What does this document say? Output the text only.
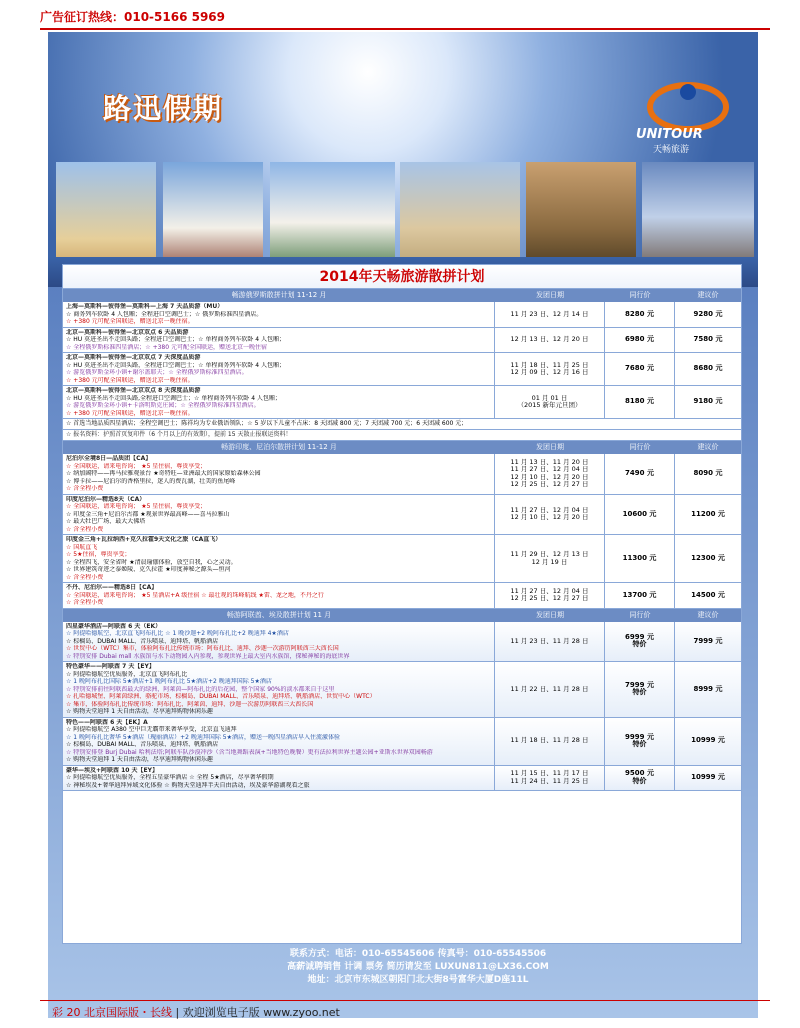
广告征订热线：010-5166 5969
路迅假期
UNITOUR
天畅旅游
2014年天畅旅游散拼计划
畅游俄罗斯散拼计划 11-12 月	发团日期	同行价	建议价
上海—莫斯科—彼得堡—莫斯科—上海 7 天品质游（MU）
☆ 商务列车软卧 4 人包厢；全程进口空调巴士；☆ 俄罗斯标准四星酒店。
☆ +380 元可配全国联运，赠送北京一晚住宿。
11 月 23 日、12 月 14 日	8280 元	9280 元
北京—莫斯科—彼得堡—北京双点 6 天品质游
☆ HU 莫进圣出不走回头路；全程进口空调巴士；☆ 单程商务列车软卧 4 人包厢；
☆ 全程俄罗斯标准四星酒店；☆ +380 元可配全国联运，赠送北京一晚住宿
12 月 13 日、12 月 20 日	6980 元	7580 元
北京—莫斯科—彼得堡—北京双点 7 天深度品质游
☆ HU 莫进圣出不走回头路，全程进口空调巴士；☆ 单程商务列车软卧 4 人包厢；
☆ 游览俄罗斯金环小镇+谢尔盖耶夫；☆ 全程俄罗斯标准四星酒店。
☆ +380 元可配全国联运，赠送北京一晚住宿。
11 月 18 日、11 月 25 日
12 月 09 日、12 月 16 日	7680 元	8680 元
北京—莫斯科—彼得堡—北京双点 8 天深度品质游
☆ HU 莫进圣出不走回头路,全程进口空调巴士；☆ 单程商务列车软卧 4 人包厢；
☆ 游览俄罗斯金环小镇+卡洛明斯克庄园；☆ 全程俄罗斯标准四星酒店。
☆ +380 元可配全国联运，赠送北京一晚住宿。
01 月 01 日
（2015 新年元旦团）	8180 元	9180 元
☆ 首选当地品质四星酒店；全程空调巴士；陈祥均为专业俄语领队；☆ 5 岁以下儿童不占床：8 天团减 800 元；7 天团减 700 元；6 天团减 600 元；
☆ 报名资料：护照首页复印件（6 个月以上的有效期），提前 15 天散止报联运资料！
畅游印度、尼泊尔散拼计划 11-12 月	发团日期	同行价	建议价
尼泊尔全境8日—品质团【CA】
☆ 全国联运，请来电咨询； ★5 星住宿，尊贵享受；
☆ 纳加阔特——再马拉雅观景台 ★奇特旺—亚洲最大的国家原始森林公园
☆ 博卡拉——尼泊尔的香格里拉，迷人的费瓦湖，壮美的鱼尾峰
☆ 含全程小费
11 月 13 日、11 月 20 日
11 月 27 日、12 月 04 日
12 月 10 日、12 月 20 日
12 月 25 日、12 月 27 日
7490 元	8090 元
印度尼泊尔—精选8天（CA）
☆ 全国联运，请来电咨询； ★5 星住宿，尊贵享受；
☆ 印度金三角+尼泊尔古都 ★观景世界最高峰——喜马拉雅山
☆ 最大牡巴广场、最大大佛塔
☆ 含全程小费
11 月 27 日、12 月 04 日
12 月 10 日、12 月 20 日	10600 元	11200 元
印度金三角+瓦拉纳西+克久拉霍9天文化之旅（CA直飞）
☆ 国航直飞
☆ 5★住宿，尊贵享受；
☆ 全程四飞，安全省时 ★清晨瑜伽体验，放空自我，心之灵动。
☆ 世界建筑奇迹之泰姬陵、克久拉霍 ★印度神秘之源头—恒河
☆ 含全程小费
11 月 29 日、12 月 13 日
12 月 19 日	11300 元	12300 元
不丹、尼泊尔——精选8日【CA】
☆ 全国联运，请来电咨询； ★5 星酒店+A 级住宿 ☆ 最壮观的珠峰航线 ★雷、龙之地，不丹之行
☆ 含全程小费
11 月 27 日、12 月 04 日
12 月 25 日、12 月 27 日	13700 元	14500 元
畅游阿联酋、埃及散拼计划 11 月	发团日期	同行价	建议价
四星豪华酒店—阿联酋 6 天（EK）
☆ 阿提哈德航空，北京直飞阿布扎比 ☆ 1 晚沙迦+2 晚阿布扎比+2 晚迪拜 4★酒店
☆ 棕榈岛、DUBAI MALL、音乐喷泉、迪拜塔、帆船酒店
☆ 世贸中心（WTC）集市，体验阿布扎比传统市场：阿布扎比、迪拜、沙迦一次游历阿联酋三大酋长国
☆ 特别安排 Dubai mall 水族馆与水下动物园入内参观，参观世界上最大室内水族馆，探秘神秘的海底世界
11 月 23 日、11 月 28 日	6999 元
特价	7999 元
特色豪华——阿联酋 7 天【EY】
☆ 阿提哈德航空优质服务，北京直飞阿布扎比
☆ 1 晚阿布扎比国际 5★酒店+1 晚阿布扎比 5★酒店+2 晚迪拜国际 5★酒店
☆ 特别安排前往阿联酋最大的绿洲，阿莱茵—阿布扎比的后花园，整个国家 90%的淡水都来自于这里
☆ 扎哈德城堡、阿莱茵绿洲、骆驼市场、棕榈岛、DUBAI MALL、音乐喷泉、迪拜塔、帆船酒店、世贸中心（WTC）
☆ 集市，体验阿布扎比传统市场：阿布扎比、阿莱茵、迪拜、沙迦一次游历阿联酋三大酋长国
☆ 购物天堂迪拜 1 天自由活动，尽享迪拜购物休闲乐趣
11 月 22 日、11 月 28 日	7999 元
特价	8999 元
特色——阿联酋 6 天【EK】A
☆ 阿提哈德航空 A380 空中巨无霸带来奢华享受，北京直飞迪拜
☆ 1 晚阿布扎比奢华 5★酒店（瑰丽酒店）+2 晚迪拜国际 5★酒店，赠送一晚四星酒店早入住流激体验
☆ 棕榈岛、DUBAI MALL、音乐喷泉、迪拜塔、帆船酒店
☆ 特别安排登 Burj Dubai 哈利法塔;阿联车队沙漠冲沙（含当地舞蹈表演+当地特色晚餐）更有法拉利世界主题公园+亚斯水世界双园畅游
☆ 购物天堂迪拜 1 天自由活动，尽享迪拜购物休闲乐趣
11 月 18 日、11 月 28 日	9999 元
特价	10999 元
豪华—埃及+阿联酋 10 天【EY】
☆ 阿提哈德航空优质服务，全程五星豪华酒店 ☆ 全程 5★酒店，尽享奢华假期
☆ 神秘埃及+奢华迪拜异域文化体验 ☆ 购物天堂迪拜半天自由活动，埃及豪华游湖观看之旅
11 月 15 日、11 月 17 日
11 月 24 日、11 月 25 日
9500 元
特价	10999 元
联系方式：电话：010-65545606 传真号：010-65545506
高薪诚聘销售 计调 票务 简历请发至 LUXUN811@LX36.COM
地址：北京市东城区朝阳门北大街8号富华大厦D座11L
彩 20 北京国际版・长线 | 欢迎浏览电子版 www.zyoo.net
